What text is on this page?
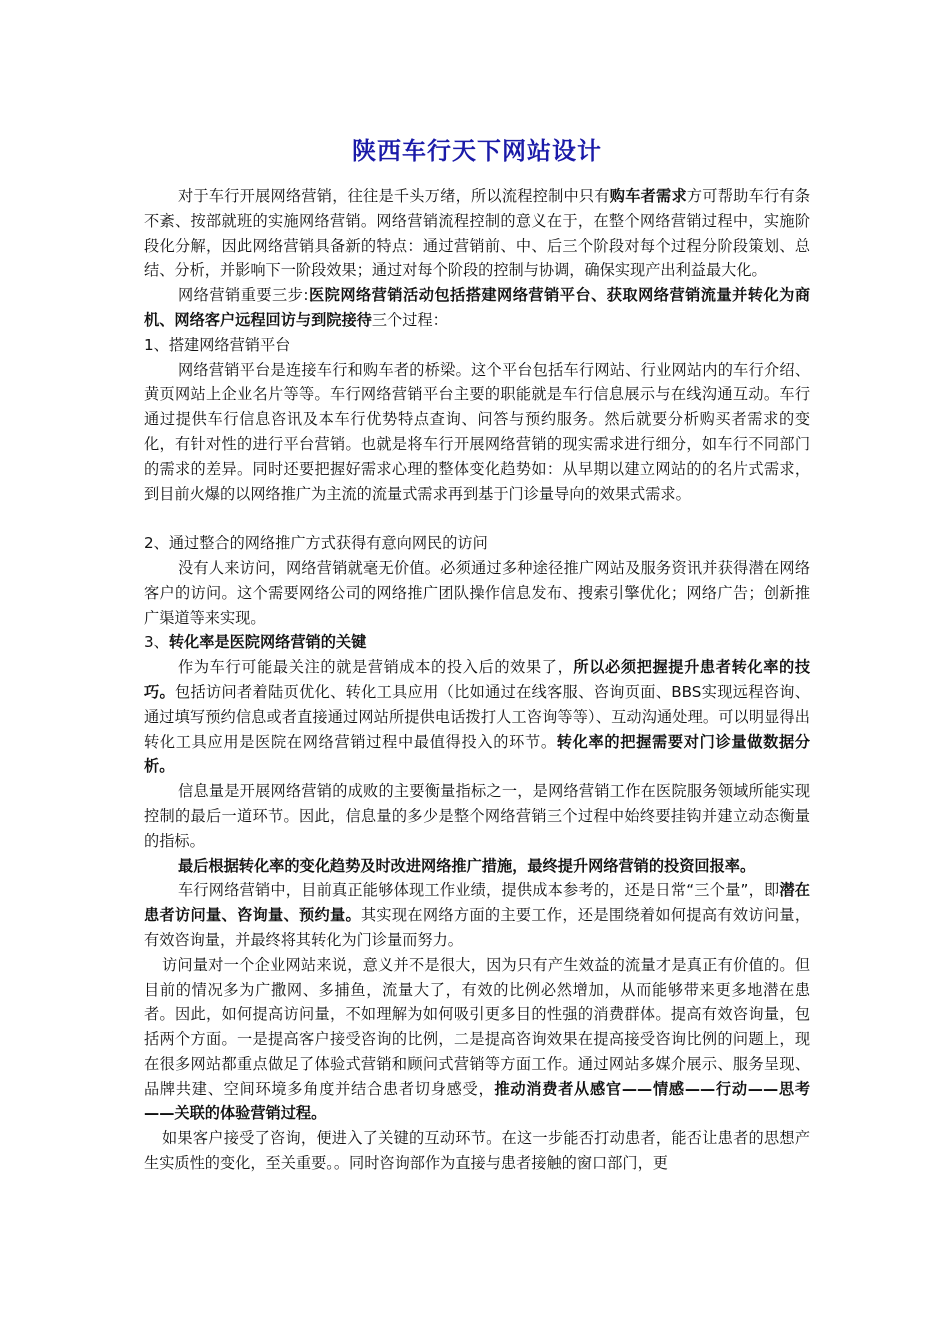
陕西车行天下网站设计

对于车行开展网络营销，往往是千头万绪，所以流程控制中只有购车者需求方可帮助车行有条不紊、按部就班的实施网络营销。网络营销流程控制的意义在于，在整个网络营销过程中，实施阶段化分解，因此网络营销具备新的特点：通过营销前、中、后三个阶段对每个过程分阶段策划、总结、分析，并影响下一阶段效果；通过对每个阶段的控制与协调，确保实现产出利益最大化。

网络营销重要三步:医院网络营销活动包括搭建网络营销平台、获取网络营销流量并转化为商机、网络客户远程回访与到院接待三个过程：

1、搭建网络营销平台

网络营销平台是连接车行和购车者的桥梁。这个平台包括车行网站、行业网站内的车行介绍、黄页网站上企业名片等等。车行网络营销平台主要的职能就是车行信息展示与在线沟通互动。车行通过提供车行信息咨讯及本车行优势特点查询、问答与预约服务。然后就要分析购买者需求的变化，有针对性的进行平台营销。也就是将车行开展网络营销的现实需求进行细分，如车行不同部门的需求的差异。同时还要把握好需求心理的整体变化趋势如：从早期以建立网站的的名片式需求，到目前火爆的以网络推广为主流的流量式需求再到基于门诊量导向的效果式需求。

2、通过整合的网络推广方式获得有意向网民的访问

没有人来访问，网络营销就毫无价值。必须通过多种途径推广网站及服务资讯并获得潜在网络客户的访问。这个需要网络公司的网络推广团队操作信息发布、搜索引擎优化；网络广告；创新推广渠道等来实现。

3、转化率是医院网络营销的关键

作为车行可能最关注的就是营销成本的投入后的效果了，所以必须把握提升患者转化率的技巧。包括访问者着陆页优化、转化工具应用（比如通过在线客服、咨询页面、BBS实现远程咨询、通过填写预约信息或者直接通过网站所提供电话拨打人工咨询等等）、互动沟通处理。可以明显得出转化工具应用是医院在网络营销过程中最值得投入的环节。转化率的把握需要对门诊量做数据分析。

信息量是开展网络营销的成败的主要衡量指标之一，是网络营销工作在医院服务领域所能实现控制的最后一道环节。因此，信息量的多少是整个网络营销三个过程中始终要挂钩并建立动态衡量的指标。

最后根据转化率的变化趋势及时改进网络推广措施，最终提升网络营销的投资回报率。

车行网络营销中，目前真正能够体现工作业绩，提供成本参考的，还是日常“三个量”，即潜在患者访问量、咨询量、预约量。其实现在网络方面的主要工作，还是围绕着如何提高有效访问量，有效咨询量，并最终将其转化为门诊量而努力。

访问量对一个企业网站来说，意义并不是很大，因为只有产生效益的流量才是真正有价值的。但目前的情况多为广撒网、多捕鱼，流量大了，有效的比例必然增加，从而能够带来更多地潜在患者。因此，如何提高访问量，不如理解为如何吸引更多目的性强的消费群体。提高有效咨询量，包括两个方面。一是提高客户接受咨询的比例，二是提高咨询效果在提高接受咨询比例的问题上，现在很多网站都重点做足了体验式营销和顾问式营销等方面工作。通过网站多媒介展示、服务呈现、品牌共建、空间环境多角度并结合患者切身感受，推动消费者从感官——情感——行动——思考——关联的体验营销过程。

如果客户接受了咨询，便进入了关键的互动环节。在这一步能否打动患者，能否让患者的思想产生实质性的变化，至关重要。。同时咨询部作为直接与患者接触的窗口部门，更
